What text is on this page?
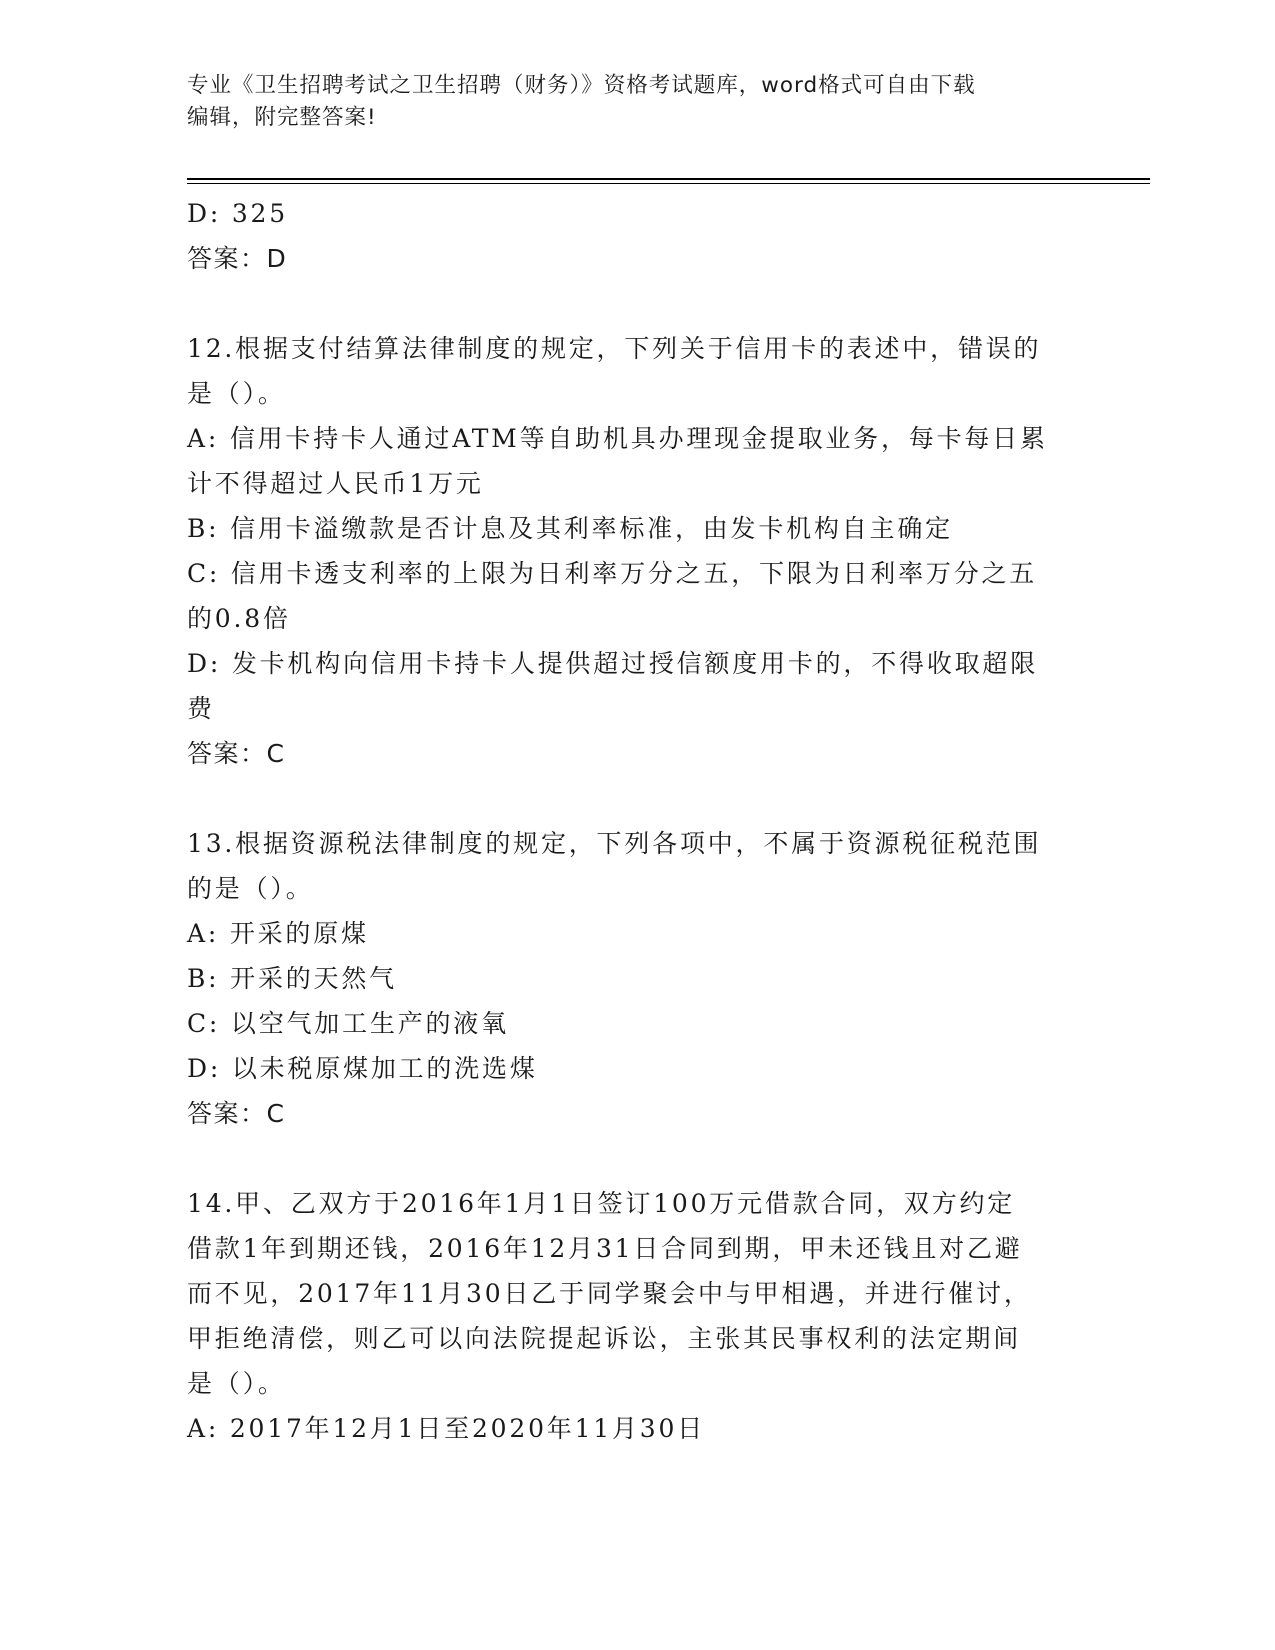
专业《卫生招聘考试之卫生招聘（财务）》资格考试题库，word格式可自由下载
编辑，附完整答案!

D: 325

答案：D

12.根据支付结算法律制度的规定，下列关于信用卡的表述中，错误的

是（）。

A: 信用卡持卡人通过ATM等自助机具办理现金提取业务，每卡每日累

计不得超过人民币1万元

B: 信用卡溢缴款是否计息及其利率标准，由发卡机构自主确定

C: 信用卡透支利率的上限为日利率万分之五，下限为日利率万分之五

的0.8倍

D: 发卡机构向信用卡持卡人提供超过授信额度用卡的，不得收取超限

费

答案：C

13.根据资源税法律制度的规定，下列各项中，不属于资源税征税范围

的是（）。

A: 开采的原煤

B: 开采的天然气

C: 以空气加工生产的液氧

D: 以未税原煤加工的洗选煤

答案：C

14.甲、乙双方于2016年1月1日签订100万元借款合同，双方约定

借款1年到期还钱，2016年12月31日合同到期，甲未还钱且对乙避

而不见，2017年11月30日乙于同学聚会中与甲相遇，并进行催讨，

甲拒绝清偿，则乙可以向法院提起诉讼，主张其民事权利的法定期间

是（）。

A: 2017年12月1日至2020年11月30日
